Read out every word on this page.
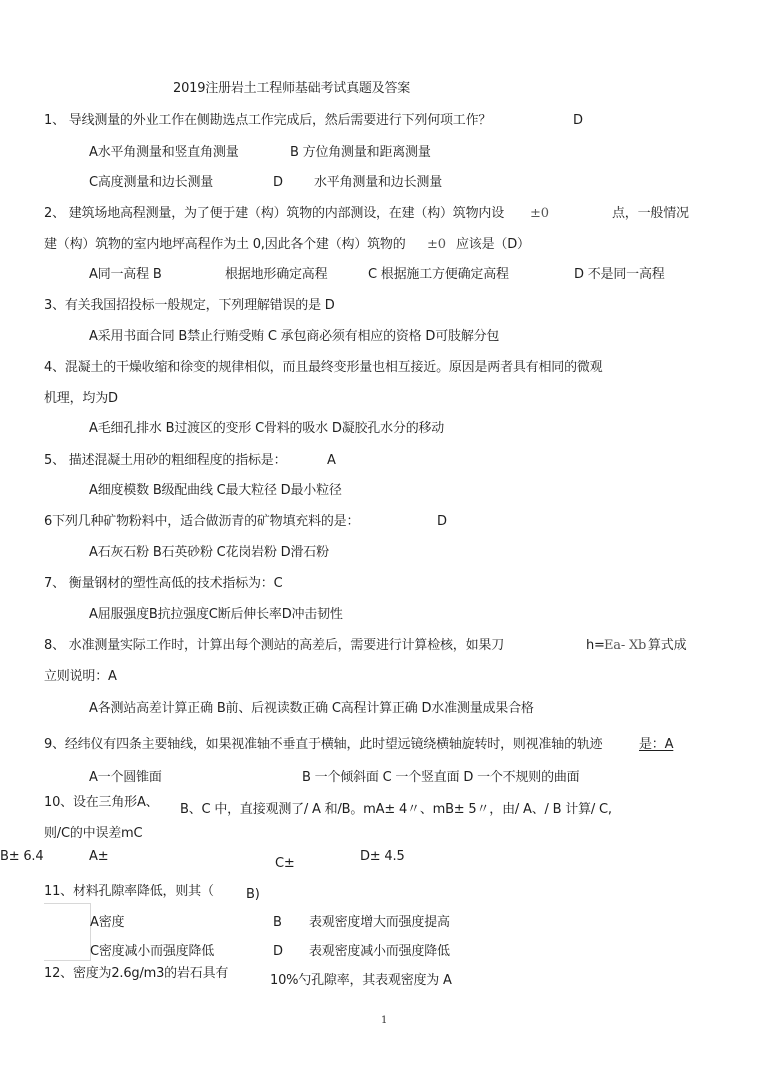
2019注册岩土工程师基础考试真题及答案
1、 导线测量的外业工作在侧勘选点工作完成后，然后需要进行下列何项工作？	D
A水平角测量和竖直角测量	B 方位角测量和距离测量
C高度测量和边长测量	D 水平角测量和边长测量
2、 建筑场地高程测量，为了便于建（构）筑物的内部测设，在建（构）筑物内设 ±0	点，一般情况
建（构）筑物的室内地坪高程作为土 0,因此各个建（构）筑物的 ±0 应该是（D）
A同一高程 B	根据地形确定高程	C 根据施工方便确定高程	D 不是同一高程
3、有关我国招投标一般规定，下列理解错误的是 D
A采用书面合同 B禁止行贿受贿 C 承包商必须有相应的资格 D可肢解分包
4、混凝土的干燥收缩和徐变的规律相似，而且最终变形量也相互接近。原因是两者具有相同的微观
机理，均为D
A毛细孔排水 B过渡区的变形 C骨料的吸水 D凝胶孔水分的移动
5、 描述混凝土用砂的粗细程度的指标是：	A
A细度模数 B级配曲线 C最大粒径 D最小粒径
6下列几种矿物粉料中，适合做沥青的矿物填充料的是：	D
A石灰石粉 B石英砂粉 C花岗岩粉 D滑石粉
7、 衡量钢材的塑性高低的技术指标为：C
A屈服强度B抗拉强度C断后伸长率D冲击韧性
8、 水准测量实际工作时，计算出每个测站的高差后，需要进行计算检核，如果刀	h= Ea- Xb 算式成
立则说明：A
A各测站高差计算正确 B前、后视读数正确 C高程计算正确 D水准测量成果合格
9、经纬仪有四条主要轴线，如果视准轴不垂直于横轴，此时望远镜绕横轴旋转时，则视准轴的轨迹	是：A
A一个圆锥面	B 一个倾斜面 C 一个竖直面 D 一个不规则的曲面
10、设在三角形A、 B、C 中，直接观测了/ A 和/B。mA± 4〃、mB± 5〃，由/ A、/ B 计算/ C,
则/C的中误差mC
B± 6.4	A±	C±	D± 4.5
11、材料孔隙率降低，则其（ B)
A密度	B 表观密度增大而强度提高
C密度减小而强度降低	D 表观密度减小而强度降低
12、密度为2.6g/m3的岩石具有	10%勺孔隙率，其表观密度为 A
1
